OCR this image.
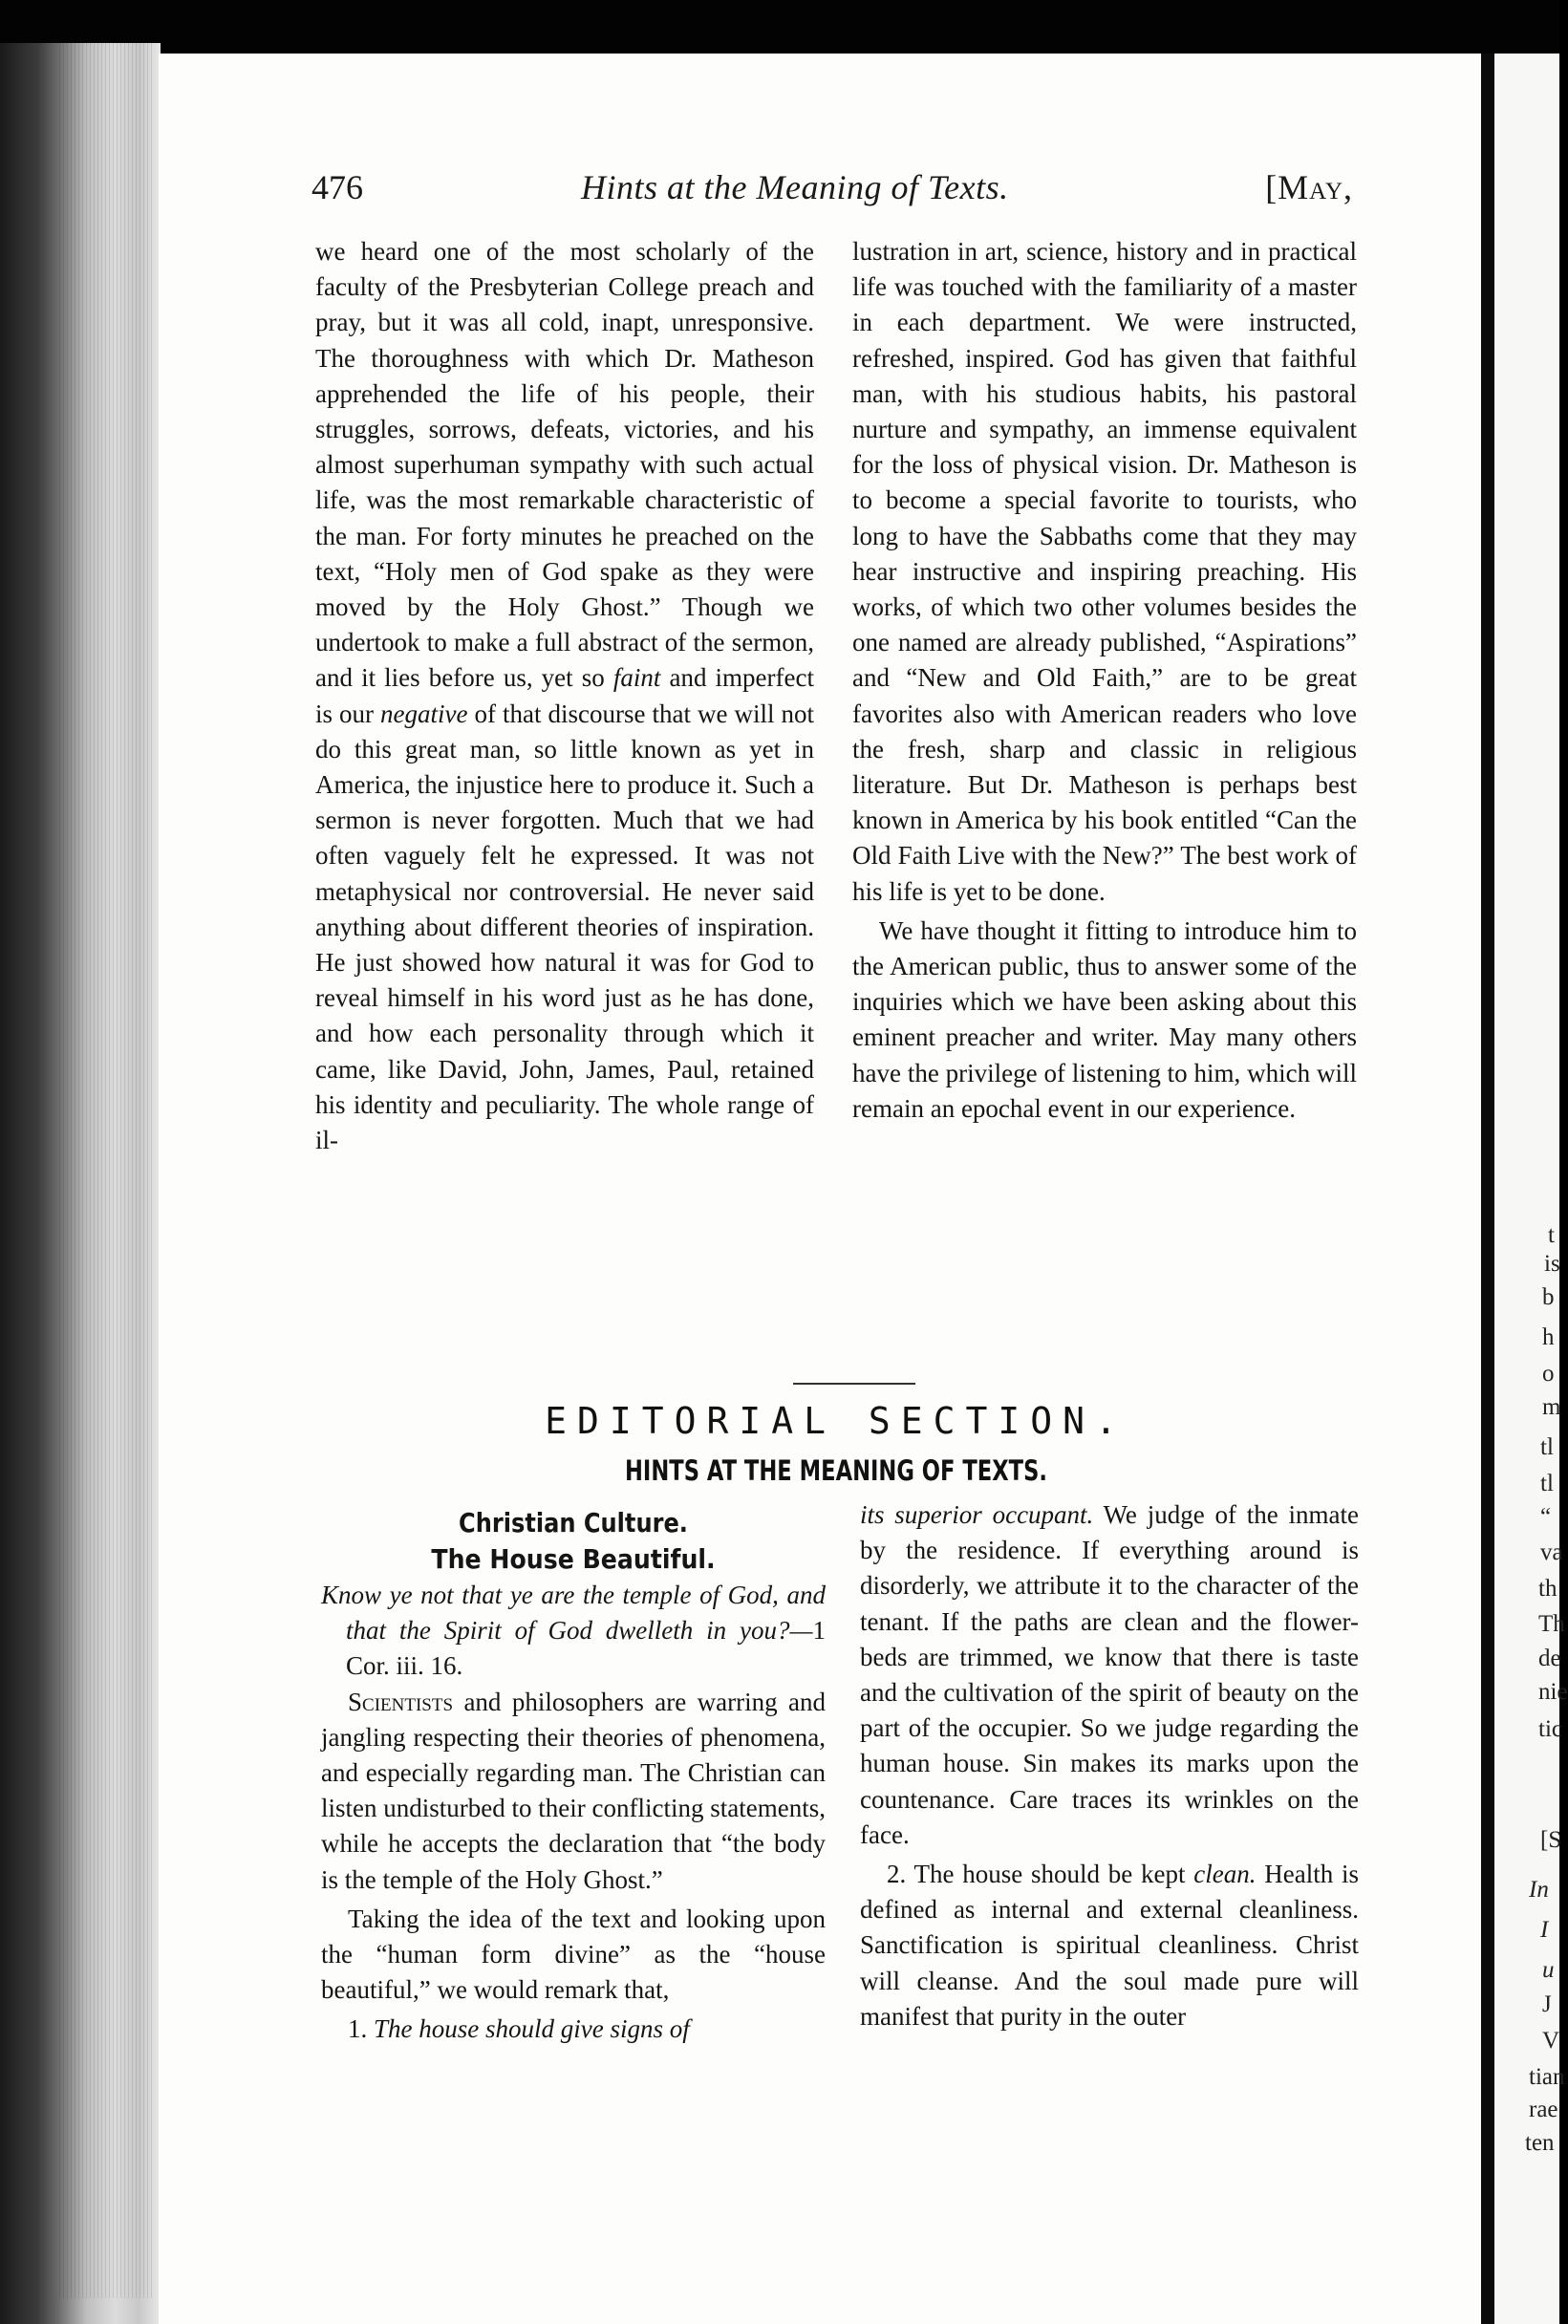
t
is
b
h
o
m
tl
tl
“
va
th
Th
de
nie
tic
[S
In
I
u
J
V
tian
rae
ten
476	Hints at the Meaning of Texts.	[May,

we heard one of the most scholarly of the faculty of the Presbyterian College preach and pray, but it was all cold, inapt, unresponsive. The thoroughness with which Dr. Matheson apprehended the life of his people, their struggles, sorrows, defeats, victories, and his almost superhuman sympathy with such actual life, was the most remarkable characteristic of the man. For forty minutes he preached on the text, “Holy men of God spake as they were moved by the Holy Ghost.” Though we undertook to make a full abstract of the sermon, and it lies before us, yet so faint and imperfect is our negative of that discourse that we will not do this great man, so little known as yet in America, the injustice here to produce it. Such a sermon is never forgotten. Much that we had often vaguely felt he expressed. It was not metaphysical nor controversial. He never said anything about different theories of inspiration. He just showed how natural it was for God to reveal himself in his word just as he has done, and how each personality through which it came, like David, John, James, Paul, retained his identity and peculiarity. The whole range of il-

lustration in art, science, history and in practical life was touched with the familiarity of a master in each department. We were instructed, refreshed, inspired. God has given that faithful man, with his studious habits, his pastoral nurture and sympathy, an immense equivalent for the loss of physical vision. Dr. Matheson is to become a special favorite to tourists, who long to have the Sabbaths come that they may hear instructive and inspiring preaching. His works, of which two other volumes besides the one named are already published, “Aspirations” and “New and Old Faith,” are to be great favorites also with American readers who love the fresh, sharp and classic in religious literature. But Dr. Matheson is perhaps best known in America by his book entitled “Can the Old Faith Live with the New?” The best work of his life is yet to be done.

We have thought it fitting to introduce him to the American public, thus to answer some of the inquiries which we have been asking about this eminent preacher and writer. May many others have the privilege of listening to him, which will remain an epochal event in our experience.

EDITORIAL SECTION.
HINTS AT THE MEANING OF TEXTS.
Christian Culture.
The House Beautiful.

Know ye not that ye are the temple of God, and that the Spirit of God dwelleth in you?—1 Cor. iii. 16.

Scientists and philosophers are warring and jangling respecting their theories of phenomena, and especially regarding man. The Christian can listen undisturbed to their conflicting statements, while he accepts the declaration that “the body is the temple of the Holy Ghost.”

Taking the idea of the text and looking upon the “human form divine” as the “house beautiful,” we would remark that,

1. The house should give signs of

its superior occupant. We judge of the inmate by the residence. If everything around is disorderly, we attribute it to the character of the tenant. If the paths are clean and the flower-beds are trimmed, we know that there is taste and the cultivation of the spirit of beauty on the part of the occupier. So we judge regarding the human house. Sin makes its marks upon the countenance. Care traces its wrinkles on the face.

2. The house should be kept clean. Health is defined as internal and external cleanliness. Sanctification is spiritual cleanliness. Christ will cleanse. And the soul made pure will manifest that purity in the outer
